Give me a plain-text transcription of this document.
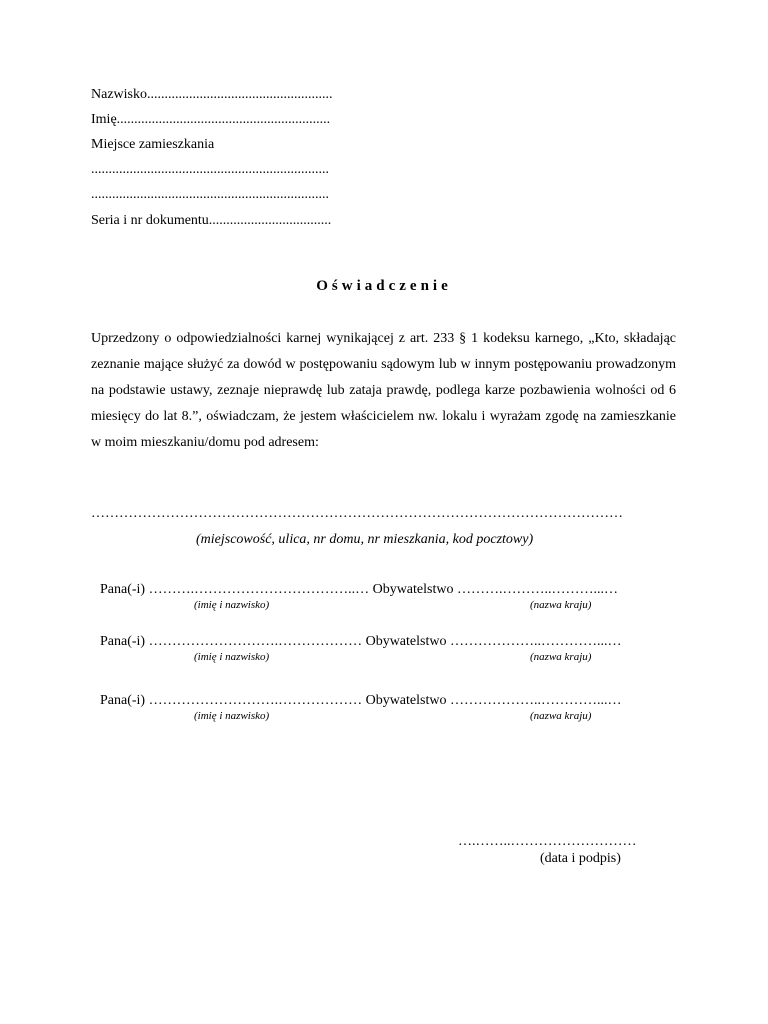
Nazwisko.....................................................
Imię.............................................................
Miejsce zamieszkania
....................................................................
....................................................................
Seria i nr dokumentu...................................
Oświadczenie

Uprzedzony o odpowiedzialności karnej wynikającej z art. 233 § 1 kodeksu karnego, „Kto, składając zeznanie mające służyć za dowód w postępowaniu sądowym lub w innym postępowaniu prowadzonym na podstawie ustawy, zeznaje nieprawdę lub zataja prawdę, podlega karze pozbawienia wolności od 6 miesięcy do lat 8.”, oświadczam, że jestem właścicielem nw. lokalu i wyrażam zgodę na zamieszkanie w moim mieszkaniu/domu pod adresem:

……………………………………………………………………………………………………
(miejscowość, ulica, nr domu, nr mieszkania, kod pocztowy)
Pana(-i) ……….……………………………..… Obywatelstwo ……….………..………...…
(imię i nazwisko)	(nazwa kraju)
Pana(-i) ……………………….……………… Obywatelstwo ………………..…………...…
(imię i nazwisko)	(nazwa kraju)
Pana(-i) ……………………….……………… Obywatelstwo ………………..…………...…
(imię i nazwisko)	(nazwa kraju)
….……..………………………
(data i podpis)
